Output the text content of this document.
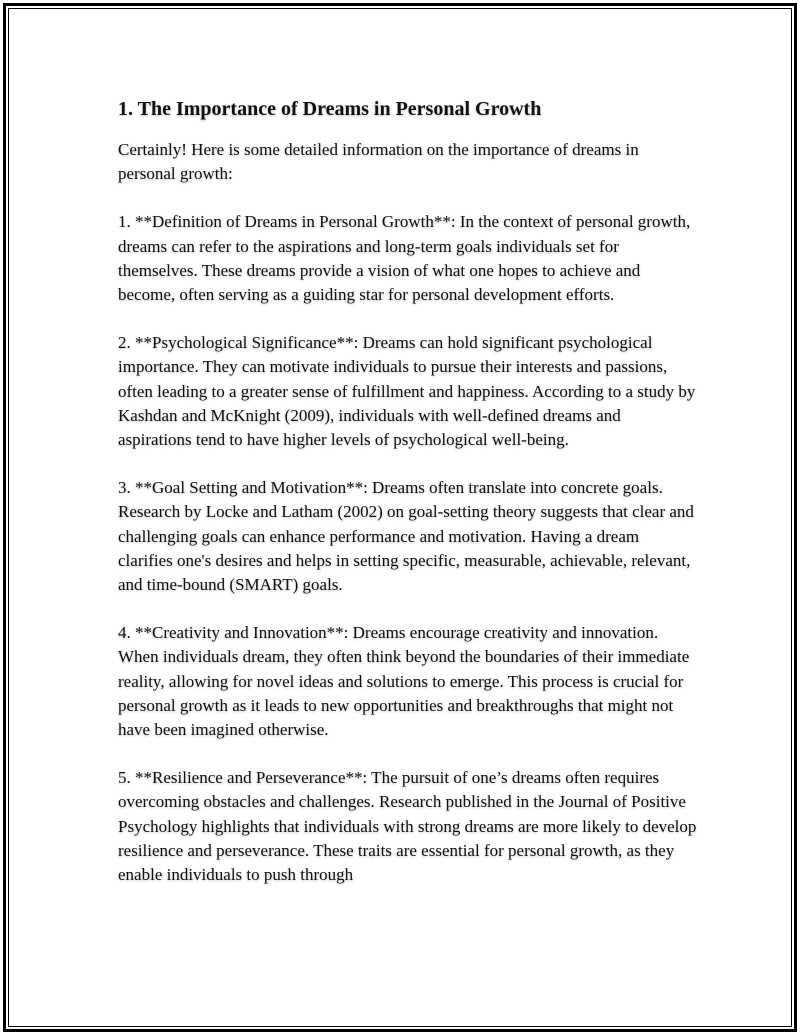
1. The Importance of Dreams in Personal Growth

Certainly! Here is some detailed information on the importance of dreams in personal growth:

1. **Definition of Dreams in Personal Growth**: In the context of personal growth, dreams can refer to the aspirations and long-term goals individuals set for themselves. These dreams provide a vision of what one hopes to achieve and become, often serving as a guiding star for personal development efforts.

2. **Psychological Significance**: Dreams can hold significant psychological importance. They can motivate individuals to pursue their interests and passions, often leading to a greater sense of fulfillment and happiness. According to a study by Kashdan and McKnight (2009), individuals with well-defined dreams and aspirations tend to have higher levels of psychological well-being.

3. **Goal Setting and Motivation**: Dreams often translate into concrete goals. Research by Locke and Latham (2002) on goal-setting theory suggests that clear and challenging goals can enhance performance and motivation. Having a dream clarifies one's desires and helps in setting specific, measurable, achievable, relevant, and time-bound (SMART) goals.

4. **Creativity and Innovation**: Dreams encourage creativity and innovation. When individuals dream, they often think beyond the boundaries of their immediate reality, allowing for novel ideas and solutions to emerge. This process is crucial for personal growth as it leads to new opportunities and breakthroughs that might not have been imagined otherwise.

5. **Resilience and Perseverance**: The pursuit of one’s dreams often requires overcoming obstacles and challenges. Research published in the Journal of Positive Psychology highlights that individuals with strong dreams are more likely to develop resilience and perseverance. These traits are essential for personal growth, as they enable individuals to push through
